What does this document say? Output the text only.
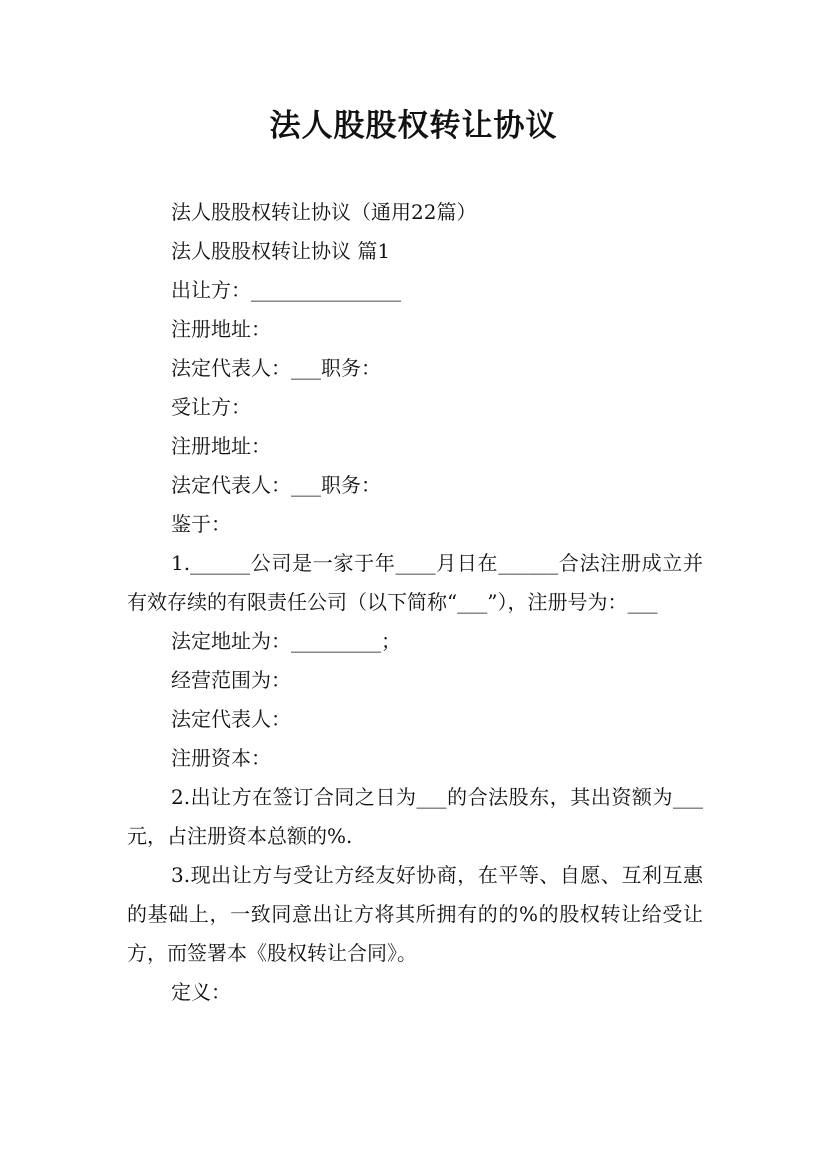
法人股股权转让协议

法人股股权转让协议（通用22篇）

法人股股权转让协议 篇1

出让方：_______________

注册地址：

法定代表人：___职务：

受让方：

注册地址：

法定代表人：___职务：

鉴于：

1.______公司是一家于年____月日在______合法注册成立并有效存续的有限责任公司（以下简称“___”），注册号为：___

法定地址为：_________；

经营范围为：

法定代表人：

注册资本：

2.出让方在签订合同之日为___的合法股东，其出资额为___元，占注册资本总额的%.

3.现出让方与受让方经友好协商，在平等、自愿、互利互惠的基础上，一致同意出让方将其所拥有的的%的股权转让给受让方，而签署本《股权转让合同》。

定义：
